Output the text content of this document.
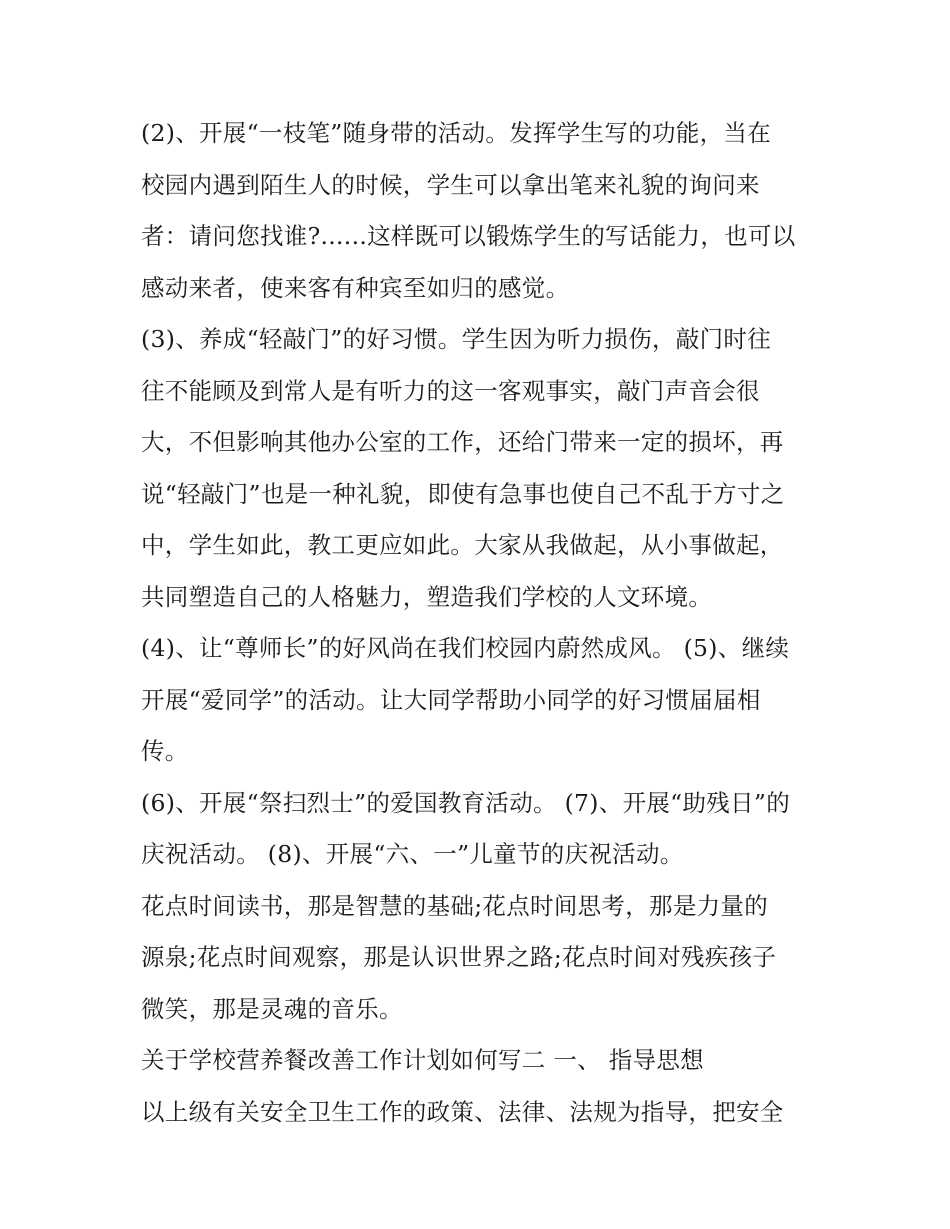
(2)、开展“一枝笔”随身带的活动。发挥学生写的功能，当在
校园内遇到陌生人的时候，学生可以拿出笔来礼貌的询问来
者：请问您找谁?......这样既可以锻炼学生的写话能力，也可以
感动来者，使来客有种宾至如归的感觉。
(3)、养成“轻敲门”的好习惯。学生因为听力损伤，敲门时往
往不能顾及到常人是有听力的这一客观事实，敲门声音会很
大，不但影响其他办公室的工作，还给门带来一定的损坏，再
说“轻敲门”也是一种礼貌，即使有急事也使自己不乱于方寸之
中，学生如此，教工更应如此。大家从我做起，从小事做起，
共同塑造自己的人格魅力，塑造我们学校的人文环境。
(4)、让“尊师长”的好风尚在我们校园内蔚然成风。 (5)、继续
开展“爱同学”的活动。让大同学帮助小同学的好习惯届届相
传。
(6)、开展“祭扫烈士”的爱国教育活动。 (7)、开展“助残日”的
庆祝活动。 (8)、开展“六、一”儿童节的庆祝活动。
花点时间读书，那是智慧的基础;花点时间思考，那是力量的
源泉;花点时间观察，那是认识世界之路;花点时间对残疾孩子
微笑，那是灵魂的音乐。
关于学校营养餐改善工作计划如何写二 一、 指导思想
以上级有关安全卫生工作的政策、法律、法规为指导，把安全
